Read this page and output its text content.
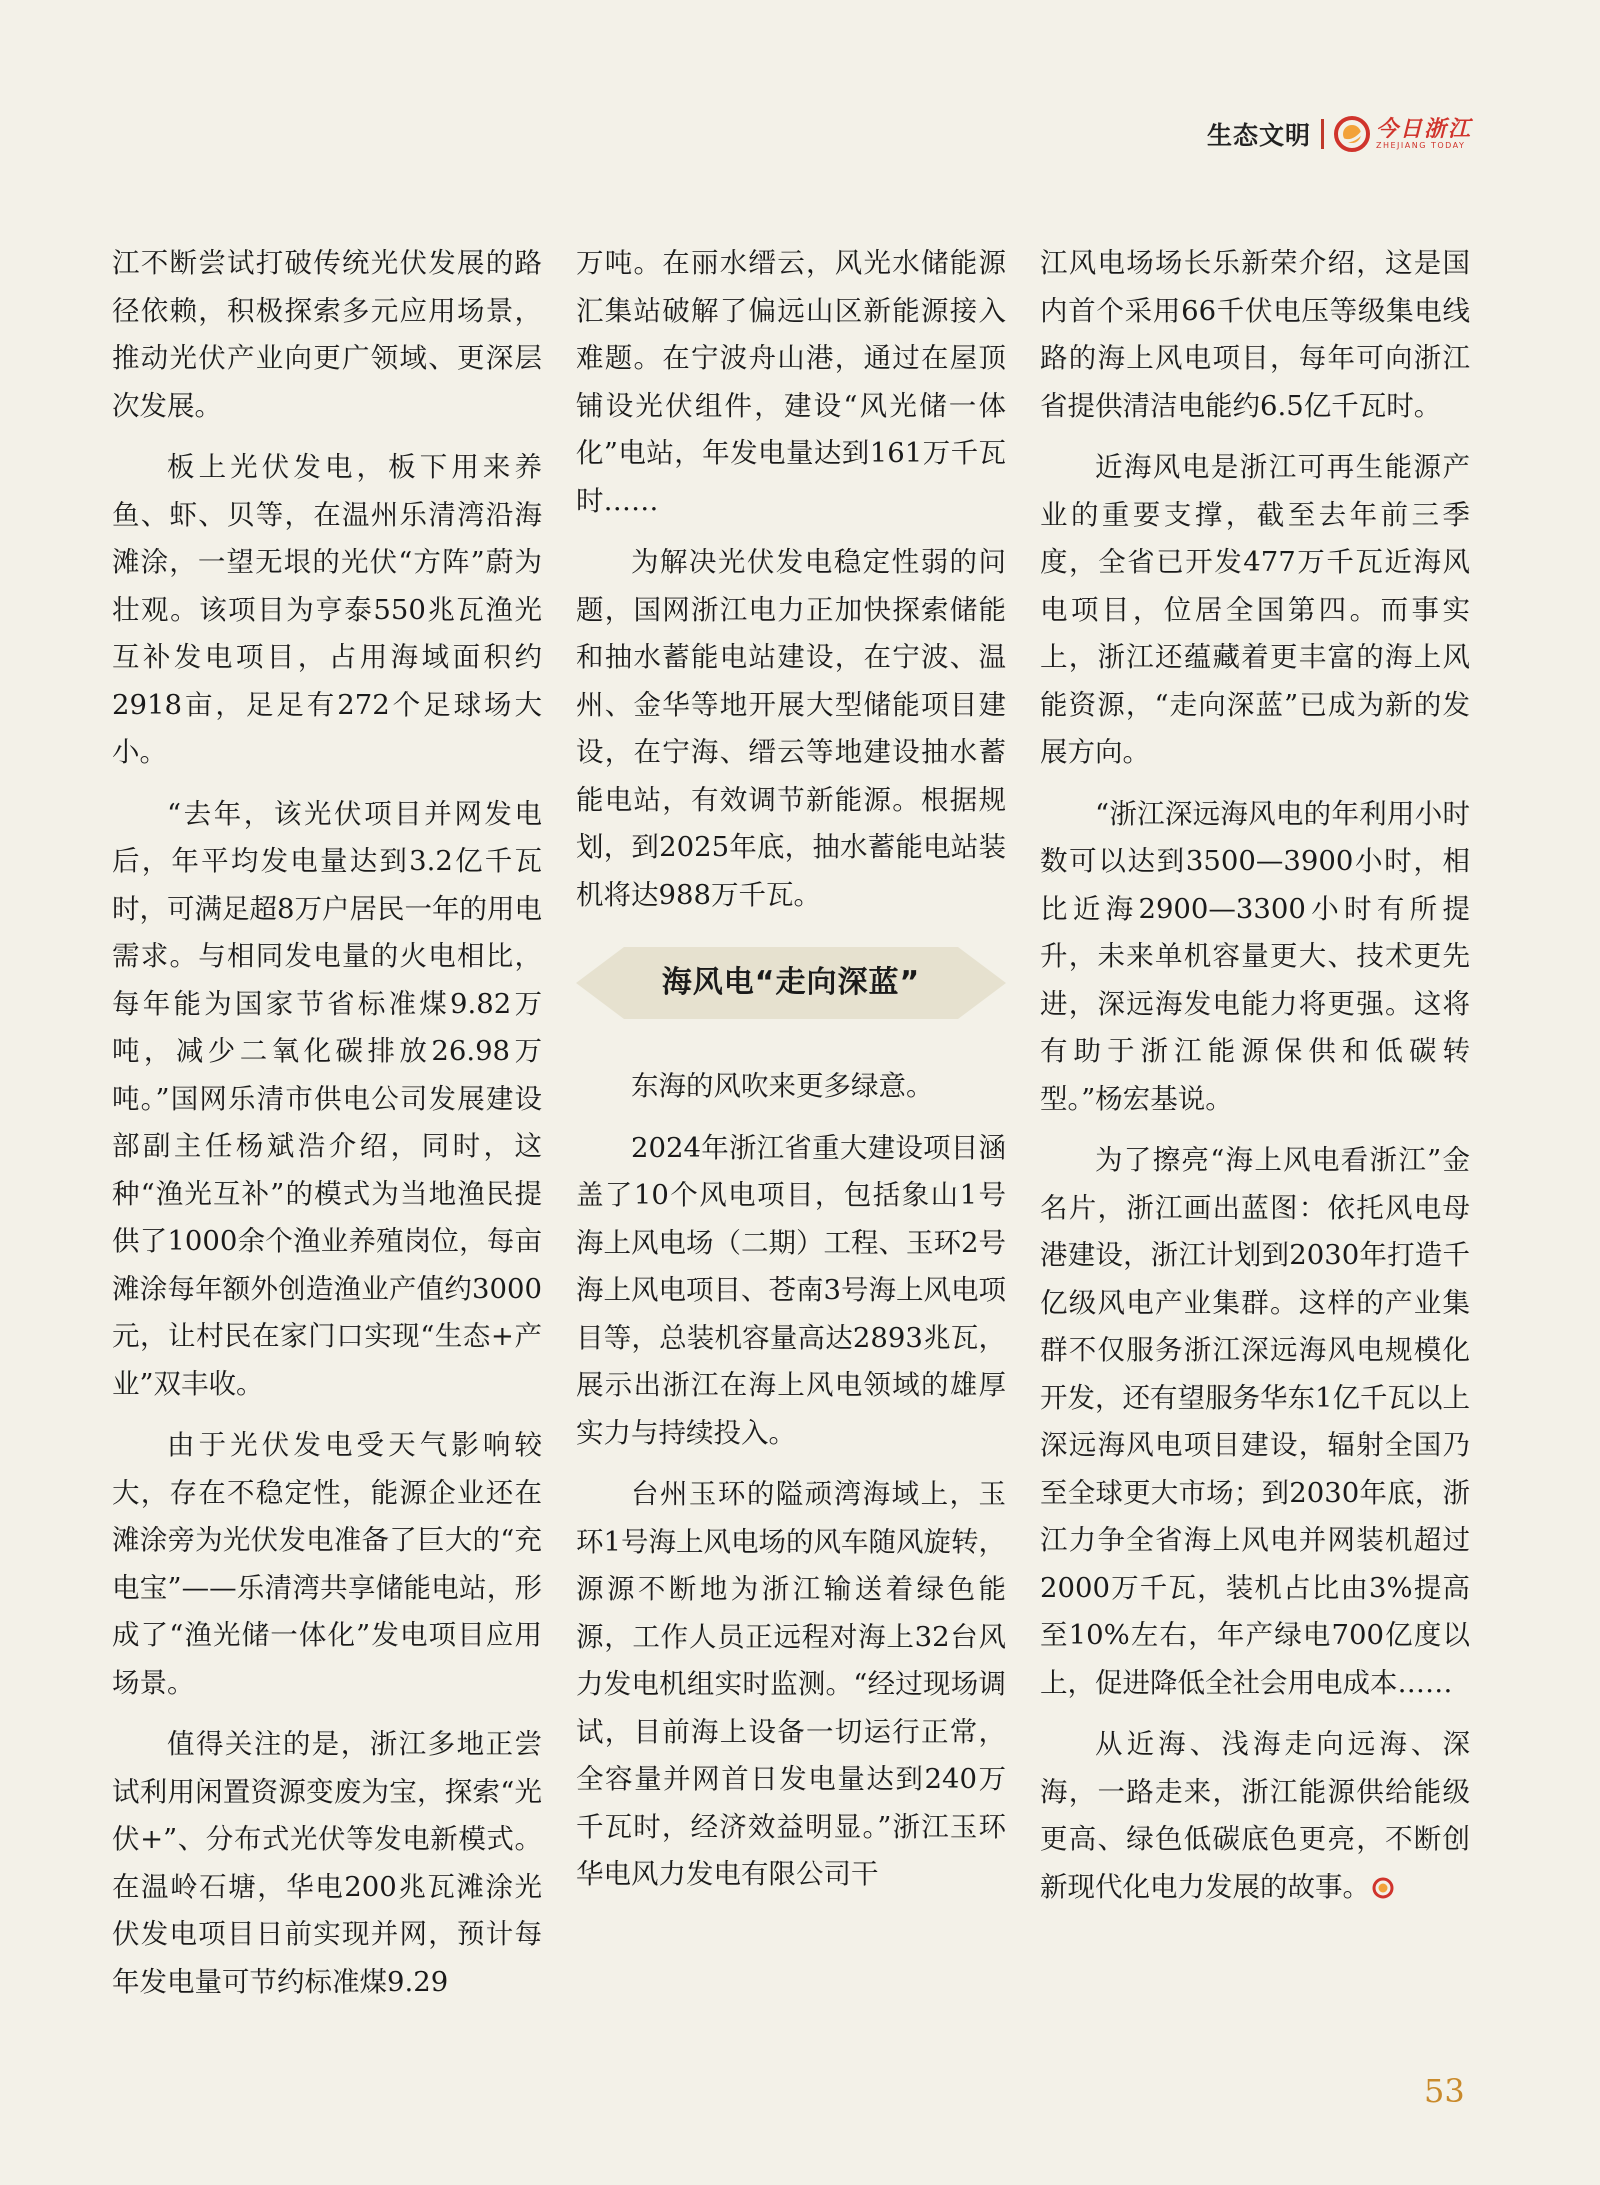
生态文明	今日浙江
ZHEJIANG TODAY

江不断尝试打破传统光伏发展的路径依赖，积极探索多元应用场景，推动光伏产业向更广领域、更深层次发展。

板上光伏发电，板下用来养鱼、虾、贝等，在温州乐清湾沿海滩涂，一望无垠的光伏“方阵”蔚为壮观。该项目为亨泰550兆瓦渔光互补发电项目，占用海域面积约2918亩，足足有272个足球场大小。

“去年，该光伏项目并网发电后，年平均发电量达到3.2亿千瓦时，可满足超8万户居民一年的用电需求。与相同发电量的火电相比，每年能为国家节省标准煤9.82万吨，减少二氧化碳排放26.98万吨。”国网乐清市供电公司发展建设部副主任杨斌浩介绍，同时，这种“渔光互补”的模式为当地渔民提供了1000余个渔业养殖岗位，每亩滩涂每年额外创造渔业产值约3000元，让村民在家门口实现“生态+产业”双丰收。

由于光伏发电受天气影响较大，存在不稳定性，能源企业还在滩涂旁为光伏发电准备了巨大的“充电宝”——乐清湾共享储能电站，形成了“渔光储一体化”发电项目应用场景。

值得关注的是，浙江多地正尝试利用闲置资源变废为宝，探索“光伏+”、分布式光伏等发电新模式。在温岭石塘，华电200兆瓦滩涂光伏发电项目日前实现并网，预计每年发电量可节约标准煤9.29

万吨。在丽水缙云，风光水储能源汇集站破解了偏远山区新能源接入难题。在宁波舟山港，通过在屋顶铺设光伏组件，建设“风光储一体化”电站，年发电量达到161万千瓦时……

为解决光伏发电稳定性弱的问题，国网浙江电力正加快探索储能和抽水蓄能电站建设，在宁波、温州、金华等地开展大型储能项目建设，在宁海、缙云等地建设抽水蓄能电站，有效调节新能源。根据规划，到2025年底，抽水蓄能电站装机将达988万千瓦。

海风电“走向深蓝”

东海的风吹来更多绿意。

2024年浙江省重大建设项目涵盖了10个风电项目，包括象山1号海上风电场（二期）工程、玉环2号海上风电项目、苍南3号海上风电项目等，总装机容量高达2893兆瓦，展示出浙江在海上风电领域的雄厚实力与持续投入。

台州玉环的隘顽湾海域上，玉环1号海上风电场的风车随风旋转，源源不断地为浙江输送着绿色能源，工作人员正远程对海上32台风力发电机组实时监测。“经过现场调试，目前海上设备一切运行正常，全容量并网首日发电量达到240万千瓦时，经济效益明显。”浙江玉环华电风力发电有限公司干

江风电场场长乐新荣介绍，这是国内首个采用66千伏电压等级集电线路的海上风电项目，每年可向浙江省提供清洁电能约6.5亿千瓦时。

近海风电是浙江可再生能源产业的重要支撑，截至去年前三季度，全省已开发477万千瓦近海风电项目，位居全国第四。而事实上，浙江还蕴藏着更丰富的海上风能资源，“走向深蓝”已成为新的发展方向。

“浙江深远海风电的年利用小时数可以达到3500—3900小时，相比近海2900—3300小时有所提升，未来单机容量更大、技术更先进，深远海发电能力将更强。这将有助于浙江能源保供和低碳转型。”杨宏基说。

为了擦亮“海上风电看浙江”金名片，浙江画出蓝图：依托风电母港建设，浙江计划到2030年打造千亿级风电产业集群。这样的产业集群不仅服务浙江深远海风电规模化开发，还有望服务华东1亿千瓦以上深远海风电项目建设，辐射全国乃至全球更大市场；到2030年底，浙江力争全省海上风电并网装机超过2000万千瓦，装机占比由3%提高至10%左右，年产绿电700亿度以上，促进降低全社会用电成本……

从近海、浅海走向远海、深海，一路走来，浙江能源供给能级更高、绿色低碳底色更亮，不断创新现代化电力发展的故事。

53
